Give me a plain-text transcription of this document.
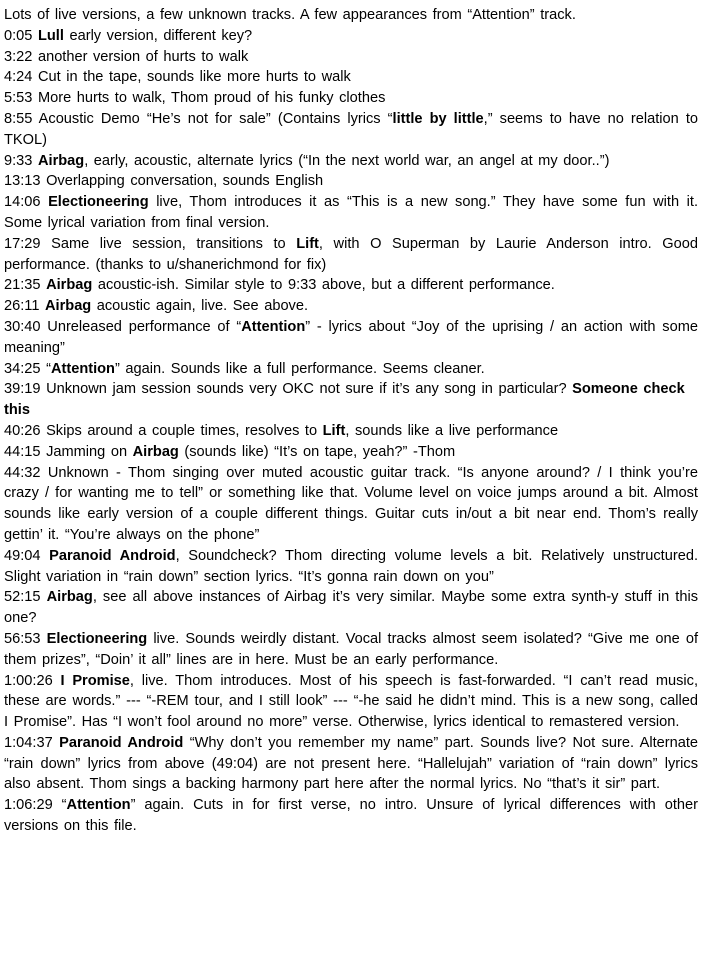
Lots of live versions, a few unknown tracks. A few appearances from “Attention” track.
0:05 Lull early version, different key?
3:22 another version of hurts to walk
4:24 Cut in the tape, sounds like more hurts to walk
5:53 More hurts to walk, Thom proud of his funky clothes
8:55 Acoustic Demo “He’s not for sale” (Contains lyrics “little by little,” seems to have no relation to TKOL)
9:33 Airbag, early, acoustic, alternate lyrics (“In the next world war, an angel at my door..”)
13:13 Overlapping conversation, sounds English
14:06 Electioneering live, Thom introduces it as “This is a new song.” They have some fun with it. Some lyrical variation from final version.
17:29 Same live session, transitions to Lift, with O Superman by Laurie Anderson intro. Good performance. (thanks to u/shanerichmond for fix)
21:35 Airbag acoustic-ish. Similar style to 9:33 above, but a different performance.
26:11 Airbag acoustic again, live. See above.
30:40 Unreleased performance of “Attention” - lyrics about “Joy of the uprising / an action with some meaning”
34:25 “Attention” again. Sounds like a full performance. Seems cleaner.
39:19 Unknown jam session sounds very OKC not sure if it’s any song in particular? Someone check this
40:26 Skips around a couple times, resolves to Lift, sounds like a live performance
44:15 Jamming on Airbag (sounds like) “It’s on tape, yeah?” -Thom
44:32 Unknown - Thom singing over muted acoustic guitar track. “Is anyone around? / I think you’re crazy / for wanting me to tell” or something like that. Volume level on voice jumps around a bit. Almost sounds like early version of a couple different things. Guitar cuts in/out a bit near end. Thom’s really gettin’ it. “You’re always on the phone”
49:04 Paranoid Android, Soundcheck? Thom directing volume levels a bit. Relatively unstructured. Slight variation in “rain down” section lyrics. “It’s gonna rain down on you”
52:15 Airbag, see all above instances of Airbag it’s very similar. Maybe some extra synth-y stuff in this one?
56:53 Electioneering live. Sounds weirdly distant. Vocal tracks almost seem isolated? “Give me one of them prizes”, “Doin’ it all” lines are in here. Must be an early performance.
1:00:26 I Promise, live. Thom introduces. Most of his speech is fast-forwarded. “I can’t read music, these are words.” --- “-REM tour, and I still look” --- “-he said he didn’t mind. This is a new song, called I Promise”. Has “I won’t fool around no more” verse. Otherwise, lyrics identical to remastered version.
1:04:37 Paranoid Android “Why don’t you remember my name” part. Sounds live? Not sure. Alternate “rain down” lyrics from above (49:04) are not present here. “Hallelujah” variation of “rain down” lyrics also absent. Thom sings a backing harmony part here after the normal lyrics. No “that’s it sir” part.
1:06:29 “Attention” again. Cuts in for first verse, no intro. Unsure of lyrical differences with other versions on this file.
